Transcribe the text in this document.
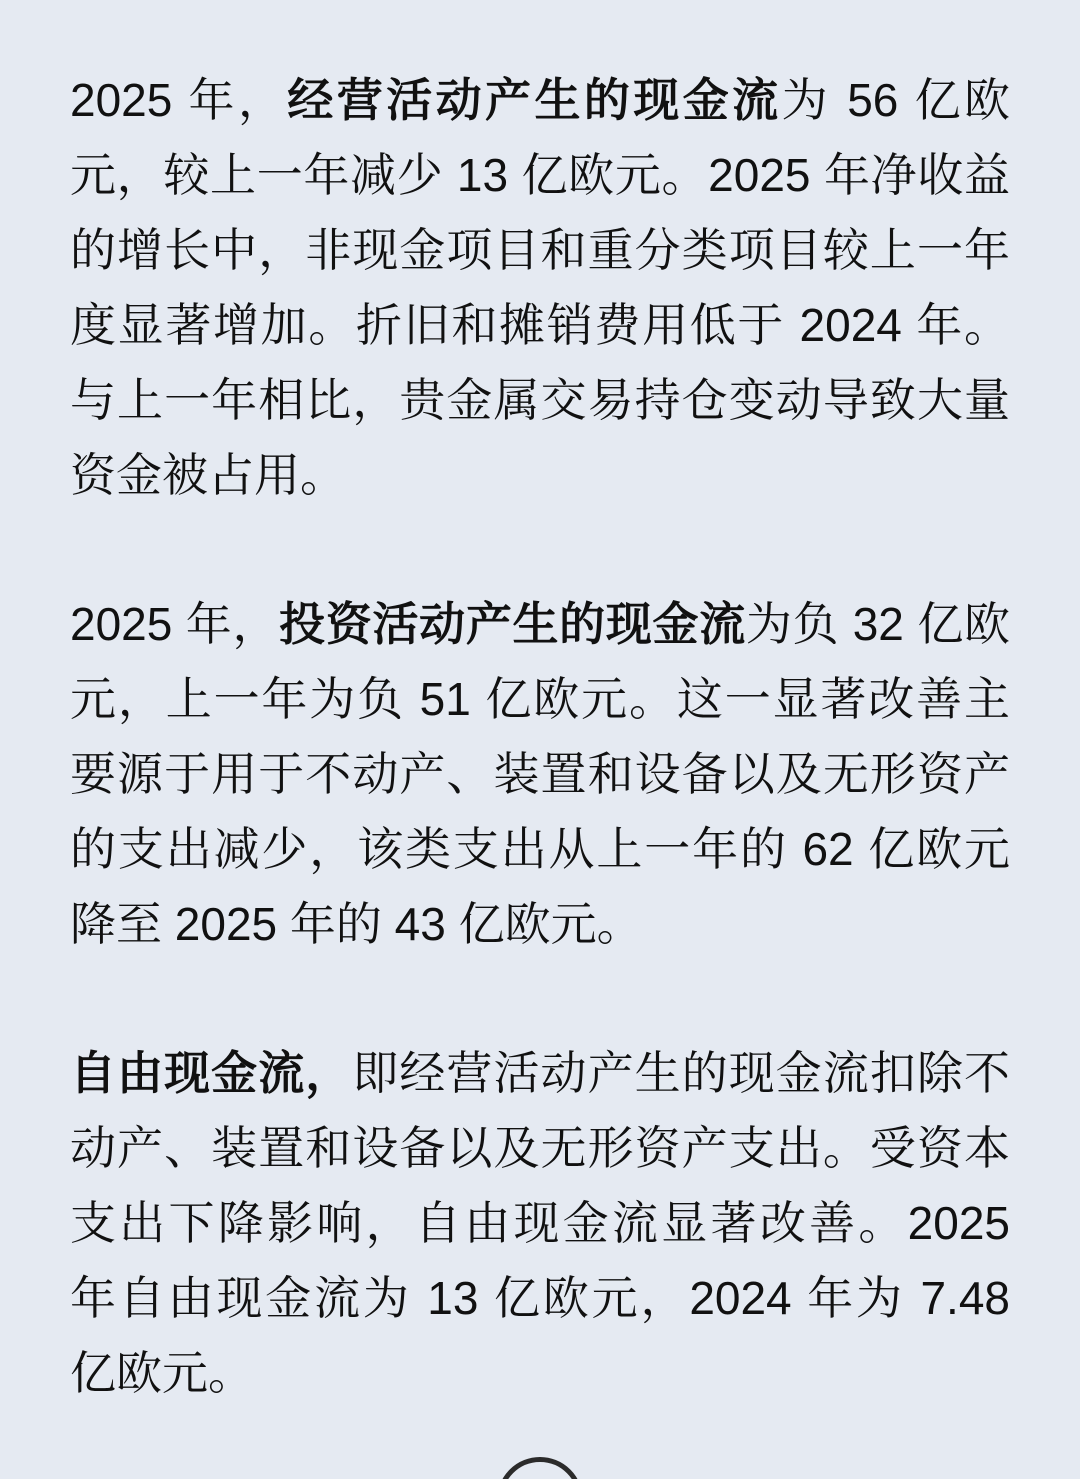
2025 年，经营活动产生的现金流为 56 亿欧元，较上一年减少 13 亿欧元。2025 年净收益的增长中，非现金项目和重分类项目较上一年度显著增加。折旧和摊销费用低于 2024 年。与上一年相比，贵金属交易持仓变动导致大量资金被占用。

2025 年，投资活动产生的现金流为负 32 亿欧元，上一年为负 51 亿欧元。这一显著改善主要源于用于不动产、装置和设备以及无形资产的支出减少，该类支出从上一年的 62 亿欧元降至 2025 年的 43 亿欧元。

自由现金流，即经营活动产生的现金流扣除不动产、装置和设备以及无形资产支出。受资本支出下降影响，自由现金流显著改善。2025 年自由现金流为 13 亿欧元，2024 年为 7.48 亿欧元。
